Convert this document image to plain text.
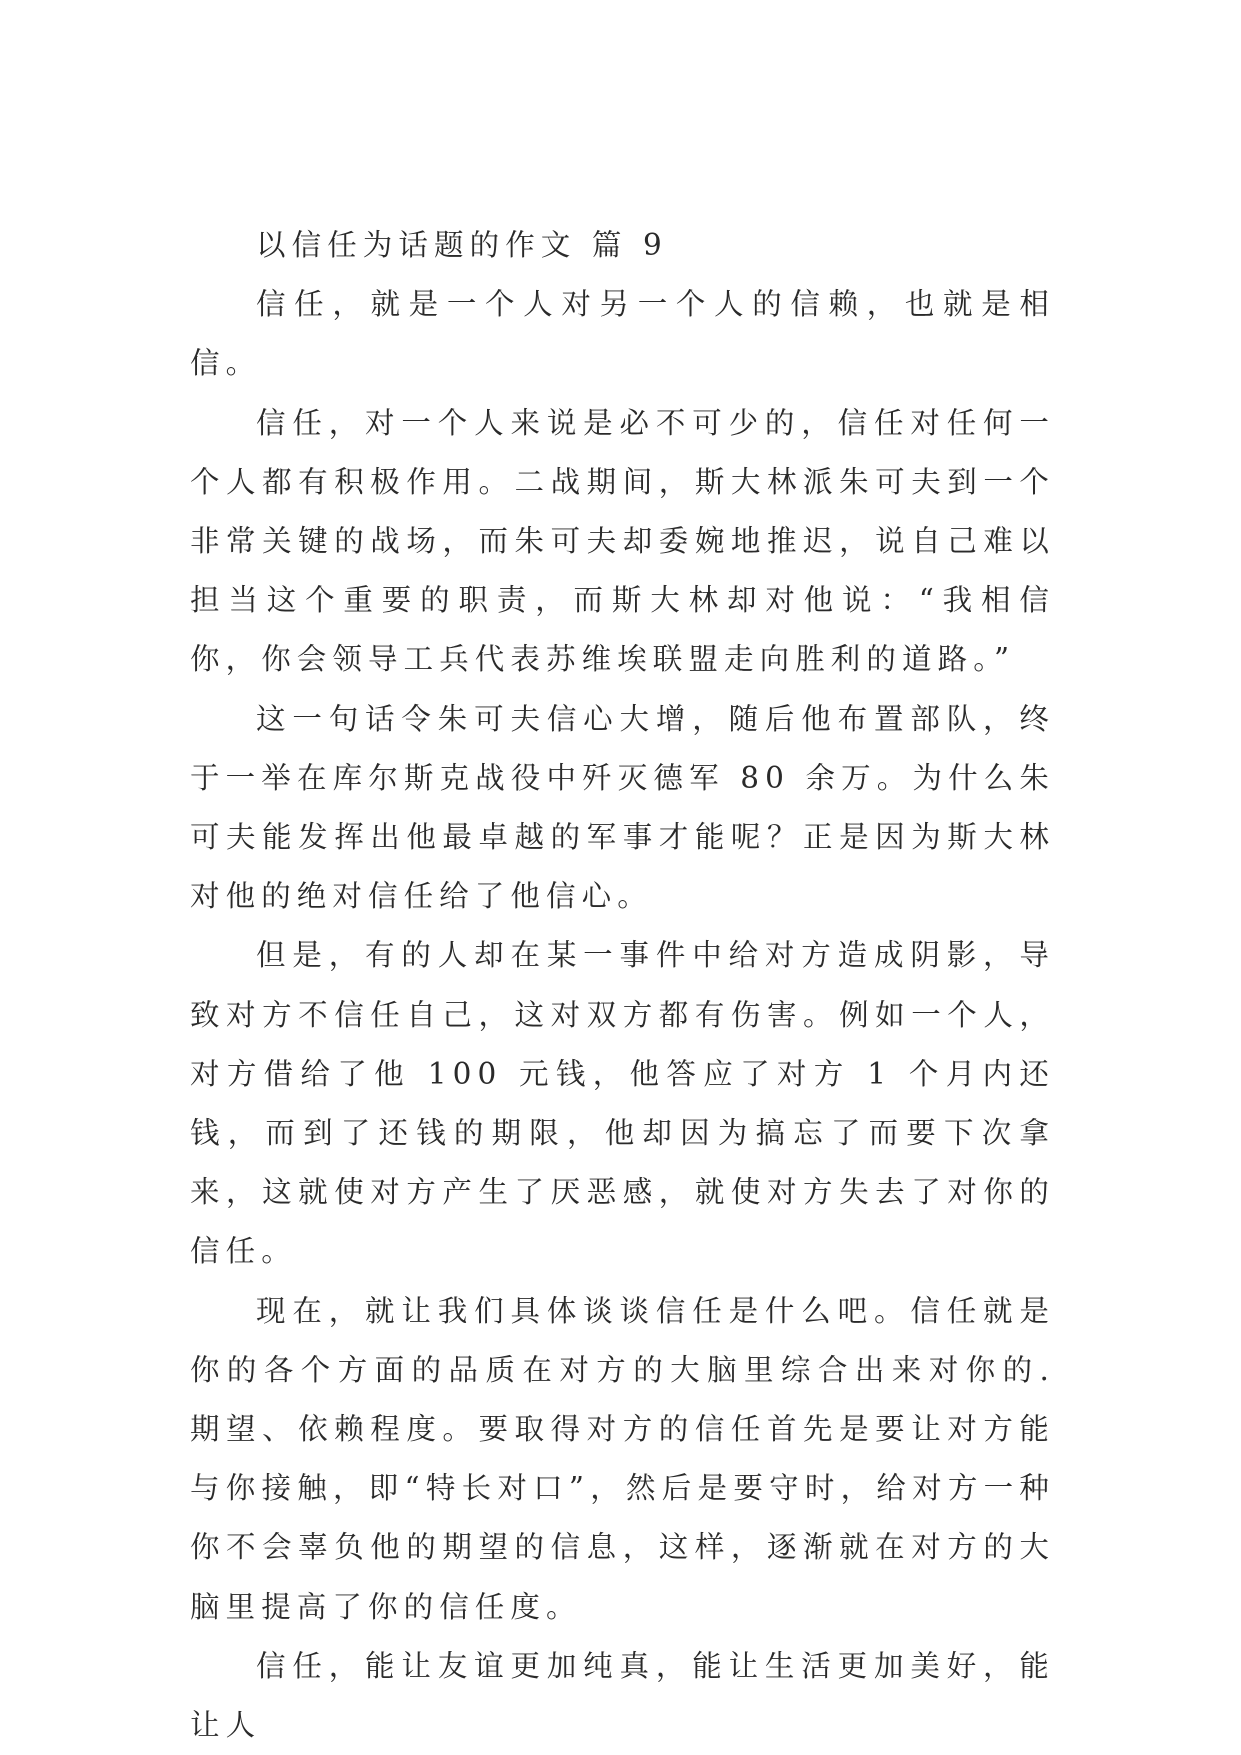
以信任为话题的作文 篇 9

信任，就是一个人对另一个人的信赖，也就是相信。

信任，对一个人来说是必不可少的，信任对任何一个人都有积极作用。二战期间，斯大林派朱可夫到一个非常关键的战场，而朱可夫却委婉地推迟，说自己难以担当这个重要的职责，而斯大林却对他说：“我相信你，你会领导工兵代表苏维埃联盟走向胜利的道路。”

这一句话令朱可夫信心大增，随后他布置部队，终于一举在库尔斯克战役中歼灭德军 80 余万。为什么朱可夫能发挥出他最卓越的军事才能呢？正是因为斯大林对他的绝对信任给了他信心。

但是，有的人却在某一事件中给对方造成阴影，导致对方不信任自己，这对双方都有伤害。例如一个人，对方借给了他 100 元钱，他答应了对方 1 个月内还钱，而到了还钱的期限，他却因为搞忘了而要下次拿来，这就使对方产生了厌恶感，就使对方失去了对你的信任。

现在，就让我们具体谈谈信任是什么吧。信任就是你的各个方面的品质在对方的大脑里综合出来对你的.期望、依赖程度。要取得对方的信任首先是要让对方能与你接触，即“特长对口”，然后是要守时，给对方一种你不会辜负他的期望的信息，这样，逐渐就在对方的大脑里提高了你的信任度。

信任，能让友谊更加纯真，能让生活更加美好，能让人
